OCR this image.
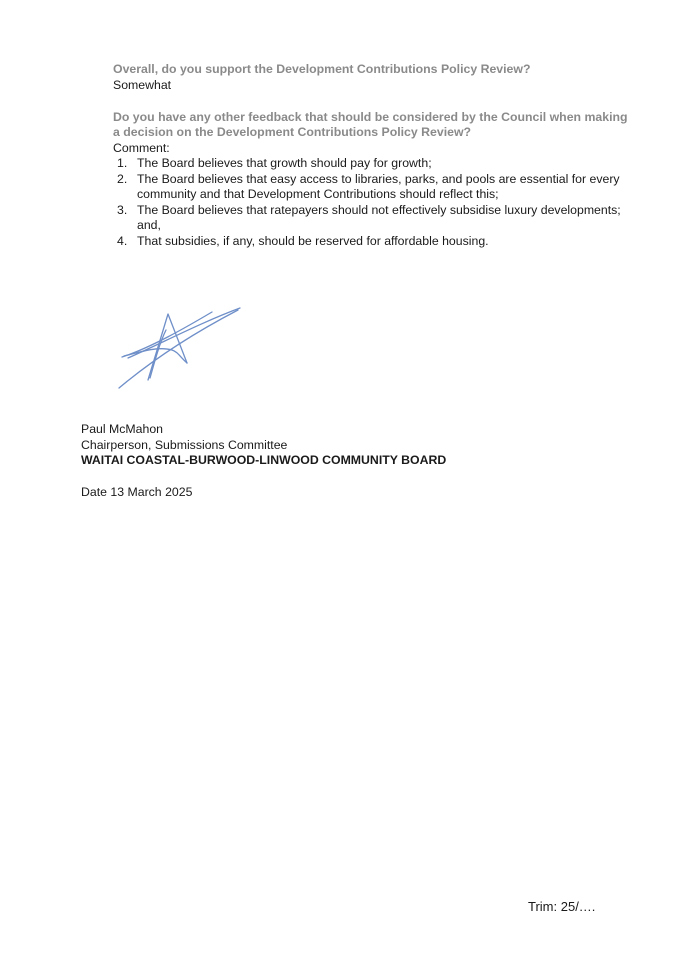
Overall, do you support the Development Contributions Policy Review?
Somewhat
Do you have any other feedback that should be considered by the Council when making
a decision on the Development Contributions Policy Review?
Comment:
1. The Board believes that growth should pay for growth;
2. The Board believes that easy access to libraries, parks, and pools are essential for every community and that Development Contributions should reflect this;
3. The Board believes that ratepayers should not effectively subsidise luxury developments; and,
4. That subsidies, if any, should be reserved for affordable housing.
Paul McMahon
Chairperson, Submissions Committee
WAITAI COASTAL-BURWOOD-LINWOOD COMMUNITY BOARD
Date 13 March 2025
Trim: 25/….
